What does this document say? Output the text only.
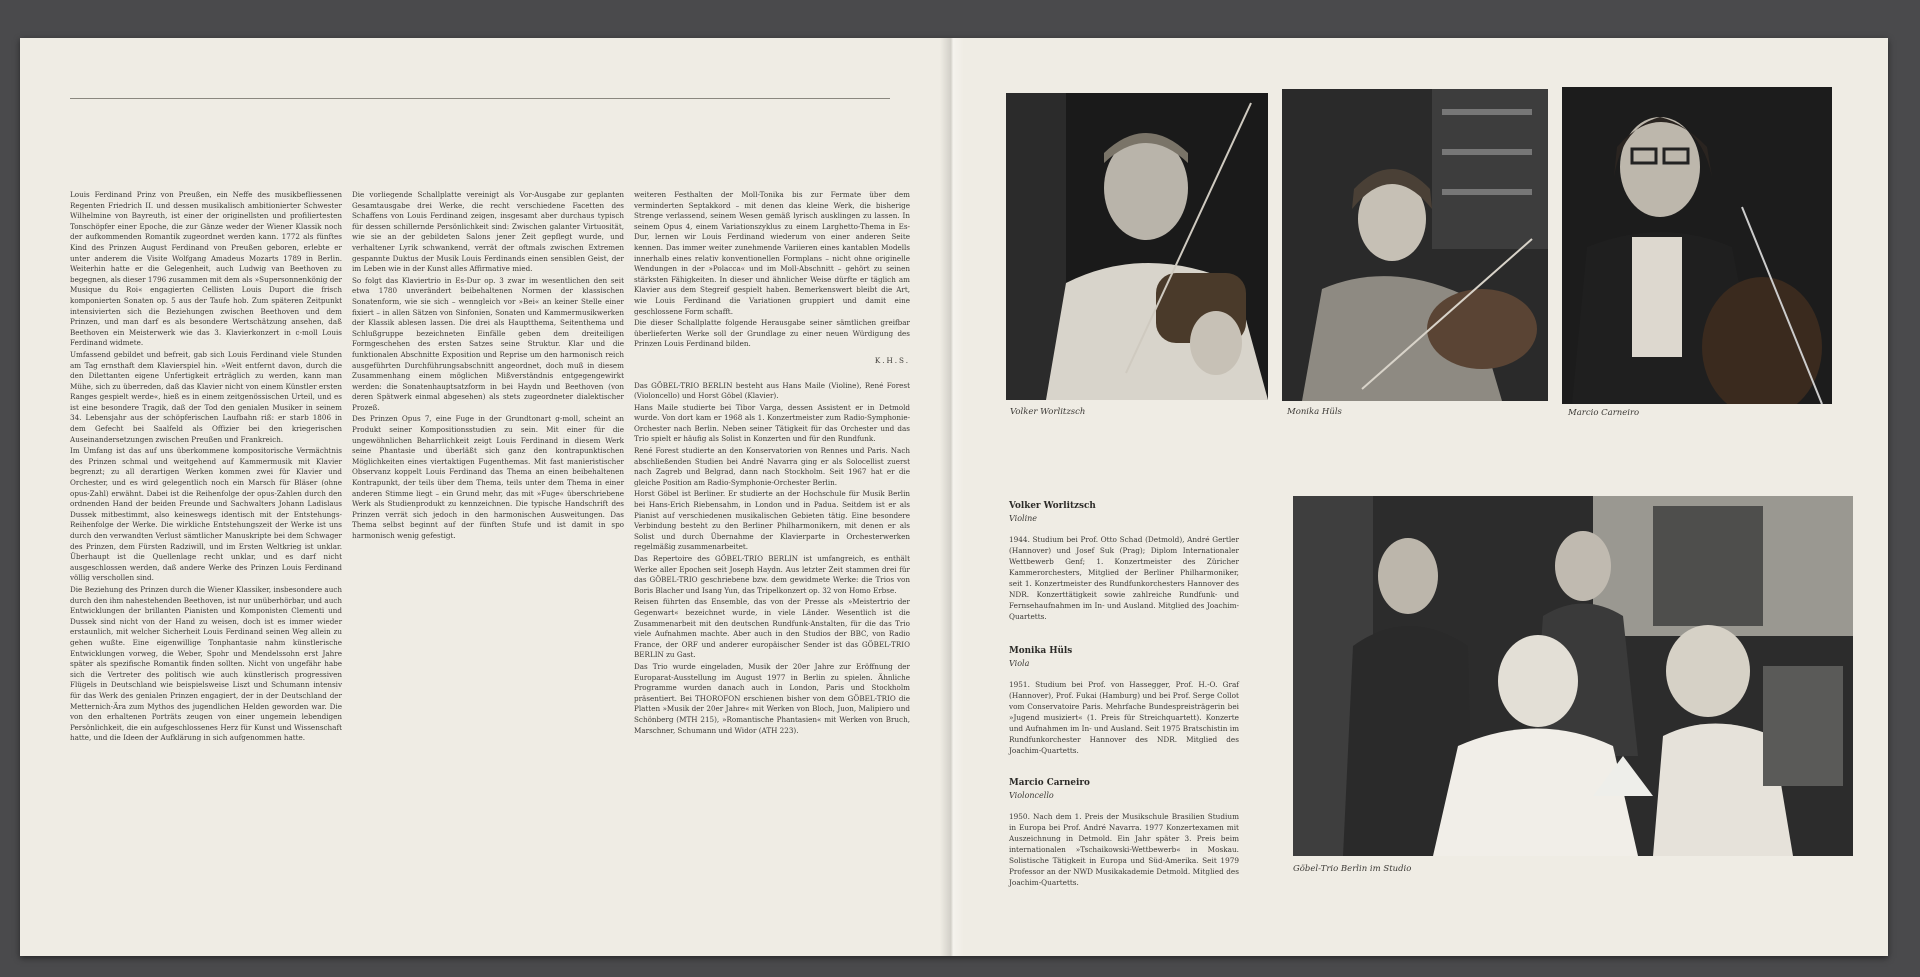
Louis Ferdinand Prinz von Preußen, ein Neffe des musikbefliessenen Regenten Friedrich II. und dessen musikalisch ambitionierter Schwester Wilhelmine von Bayreuth, ist einer der originellsten und profiliertesten Tonschöpfer einer Epoche, die zur Gänze weder der Wiener Klassik noch der aufkommenden Romantik zugeordnet werden kann. 1772 als fünftes Kind des Prinzen August Ferdinand von Preußen geboren, erlebte er unter anderem die Visite Wolfgang Amadeus Mozarts 1789 in Berlin. Weiterhin hatte er die Gelegenheit, auch Ludwig van Beethoven zu begegnen, als dieser 1796 zusammen mit dem als »Supersonnenkönig der Musique du Roi« engagierten Cellisten Louis Duport die frisch komponierten Sonaten op. 5 aus der Taufe hob. Zum späteren Zeitpunkt intensivierten sich die Beziehungen zwischen Beethoven und dem Prinzen, und man darf es als besondere Wertschätzung ansehen, daß Beethoven ein Meisterwerk wie das 3. Klavierkonzert in c-moll Louis Ferdinand widmete.

Umfassend gebildet und befreit, gab sich Louis Ferdinand viele Stunden am Tag ernsthaft dem Klavierspiel hin. »Weit entfernt davon, durch die den Dilettanten eigene Unfertigkeit erträglich zu werden, kann man Mühe, sich zu überreden, daß das Klavier nicht von einem Künstler ersten Ranges gespielt werde«, hieß es in einem zeitgenössischen Urteil, und es ist eine besondere Tragik, daß der Tod den genialen Musiker in seinem 34. Lebensjahr aus der schöpferischen Laufbahn riß: er starb 1806 in dem Gefecht bei Saalfeld als Offizier bei den kriegerischen Auseinandersetzungen zwischen Preußen und Frankreich.

Im Umfang ist das auf uns überkommene kompositorische Vermächtnis des Prinzen schmal und weitgehend auf Kammermusik mit Klavier begrenzt; zu all derartigen Werken kommen zwei für Klavier und Orchester, und es wird gelegentlich noch ein Marsch für Bläser (ohne opus-Zahl) erwähnt. Dabei ist die Reihenfolge der opus-Zahlen durch den ordnenden Hand der beiden Freunde und Sachwalters Johann Ladislaus Dussek mitbestimmt, also keineswegs identisch mit der Entstehungs-Reihenfolge der Werke. Die wirkliche Entstehungszeit der Werke ist uns durch den verwandten Verlust sämtlicher Manuskripte bei dem Schwager des Prinzen, dem Fürsten Radziwill, und im Ersten Weltkrieg ist unklar. Überhaupt ist die Quellenlage recht unklar, und es darf nicht ausgeschlossen werden, daß andere Werke des Prinzen Louis Ferdinand völlig verschollen sind.

Die Beziehung des Prinzen durch die Wiener Klassiker, insbesondere auch durch den ihm nahestehenden Beethoven, ist nur unüberhörbar, und auch Entwicklungen der brillanten Pianisten und Komponisten Clementi und Dussek sind nicht von der Hand zu weisen, doch ist es immer wieder erstaunlich, mit welcher Sicherheit Louis Ferdinand seinen Weg allein zu gehen wußte. Eine eigenwillige Tonphantasie nahm künstlerische Entwicklungen vorweg, die Weber, Spohr und Mendelssohn erst Jahre später als spezifische Romantik finden sollten. Nicht von ungefähr habe sich die Vertreter des politisch wie auch künstlerisch progressiven Flügels in Deutschland wie beispielsweise Liszt und Schumann intensiv für das Werk des genialen Prinzen engagiert, der in der Deutschland der Metternich-Ära zum Mythos des jugendlichen Helden geworden war. Die von den erhaltenen Porträts zeugen von einer ungemein lebendigen Persönlichkeit, die ein aufgeschlossenes Herz für Kunst und Wissenschaft hatte, und die Ideen der Aufklärung in sich aufgenommen hatte.

Die vorliegende Schallplatte vereinigt als Vor-Ausgabe zur geplanten Gesamtausgabe drei Werke, die recht verschiedene Facetten des Schaffens von Louis Ferdinand zeigen, insgesamt aber durchaus typisch für dessen schillernde Persönlichkeit sind: Zwischen galanter Virtuosität, wie sie an der gebildeten Salons jener Zeit gepflegt wurde, und verhaltener Lyrik schwankend, verrät der oftmals zwischen Extremen gespannte Duktus der Musik Louis Ferdinands einen sensiblen Geist, der im Leben wie in der Kunst alles Affirmative mied.

So folgt das Klaviertrio in Es-Dur op. 3 zwar im wesentlichen den seit etwa 1780 unverändert beibehaltenen Normen der klassischen Sonatenform, wie sie sich – wenngleich vor »Bei« an keiner Stelle einer fixiert – in allen Sätzen von Sinfonien, Sonaten und Kammermusikwerken der Klassik ablesen lassen. Die drei als Hauptthema, Seitenthema und Schlußgruppe bezeichneten Einfälle geben dem dreiteiligen Formgeschehen des ersten Satzes seine Struktur. Klar und die funktionalen Abschnitte Exposition und Reprise um den harmonisch reich ausgeführten Durchführungsabschnitt angeordnet, doch muß in diesem Zusammenhang einem möglichen Mißverständnis entgegengewirkt werden: die Sonatenhauptsatzform in bei Haydn und Beethoven (von deren Spätwerk einmal abgesehen) als stets zugeordneter dialektischer Prozeß.

Des Prinzen Opus 7, eine Fuge in der Grundtonart g-moll, scheint an Produkt seiner Kompositionsstudien zu sein. Mit einer für die ungewöhnlichen Beharrlichkeit zeigt Louis Ferdinand in diesem Werk seine Phantasie und überläßt sich ganz den kontrapunktischen Möglichkeiten eines viertaktigen Fugenthemas. Mit fast manieristischer Observanz koppelt Louis Ferdinand das Thema an einen beibehaltenen Kontrapunkt, der teils über dem Thema, teils unter dem Thema in einer anderen Stimme liegt – ein Grund mehr, das mit »Fuge« überschriebene Werk als Studienprodukt zu kennzeichnen. Die typische Handschrift des Prinzen verrät sich jedoch in den harmonischen Ausweitungen. Das Thema selbst beginnt auf der fünften Stufe und ist damit in spo harmonisch wenig gefestigt.

weiteren Festhalten der Moll-Tonika bis zur Fermate über dem verminderten Septakkord – mit denen das kleine Werk, die bisherige Strenge verlassend, seinem Wesen gemäß lyrisch ausklingen zu lassen. In seinem Opus 4, einem Variationszyklus zu einem Larghetto-Thema in Es-Dur, lernen wir Louis Ferdinand wiederum von einer anderen Seite kennen. Das immer weiter zunehmende Variieren eines kantablen Modells innerhalb eines relativ konventionellen Formplans – nicht ohne originelle Wendungen in der »Polacca« und im Moll-Abschnitt – gehört zu seinen stärksten Fähigkeiten. In dieser und ähnlicher Weise dürfte er täglich am Klavier aus dem Stegreif gespielt haben. Bemerkenswert bleibt die Art, wie Louis Ferdinand die Variationen gruppiert und damit eine geschlossene Form schafft.

Die dieser Schallplatte folgende Herausgabe seiner sämtlichen greifbar überlieferten Werke soll der Grundlage zu einer neuen Würdigung des Prinzen Louis Ferdinand bilden.

K.H.S.

Das GÖBEL-TRIO BERLIN besteht aus Hans Maile (Violine), René Forest (Violoncello) und Horst Göbel (Klavier).

Hans Maile studierte bei Tibor Varga, dessen Assistent er in Detmold wurde. Von dort kam er 1968 als 1. Konzertmeister zum Radio-Symphonie-Orchester nach Berlin. Neben seiner Tätigkeit für das Orchester und das Trio spielt er häufig als Solist in Konzerten und für den Rundfunk.

René Forest studierte an den Konservatorien von Rennes und Paris. Nach abschließenden Studien bei André Navarra ging er als Solocellist zuerst nach Zagreb und Belgrad, dann nach Stockholm. Seit 1967 hat er die gleiche Position am Radio-Symphonie-Orchester Berlin.

Horst Göbel ist Berliner. Er studierte an der Hochschule für Musik Berlin bei Hans-Erich Riebensahm, in London und in Padua. Seitdem ist er als Pianist auf verschiedenen musikalischen Gebieten tätig. Eine besondere Verbindung besteht zu den Berliner Philharmonikern, mit denen er als Solist und durch Übernahme der Klavierparte in Orchesterwerken regelmäßig zusammenarbeitet.

Das Repertoire des GÖBEL-TRIO BERLIN ist umfangreich, es enthält Werke aller Epochen seit Joseph Haydn. Aus letzter Zeit stammen drei für das GÖBEL-TRIO geschriebene bzw. dem gewidmete Werke: die Trios von Boris Blacher und Isang Yun, das Tripelkonzert op. 32 von Homo Erbse.

Reisen führten das Ensemble, das von der Presse als »Meistertrio der Gegenwart« bezeichnet wurde, in viele Länder. Wesentlich ist die Zusammenarbeit mit den deutschen Rundfunk-Anstalten, für die das Trio viele Aufnahmen machte. Aber auch in den Studios der BBC, von Radio France, der ORF und anderer europäischer Sender ist das GÖBEL-TRIO BERLIN zu Gast.

Das Trio wurde eingeladen, Musik der 20er Jahre zur Eröffnung der Europarat-Ausstellung im August 1977 in Berlin zu spielen. Ähnliche Programme wurden danach auch in London, Paris und Stockholm präsentiert. Bei THOROFON erschienen bisher von dem GÖBEL-TRIO die Platten »Musik der 20er Jahre« mit Werken von Bloch, Juon, Malipiero und Schönberg (MTH 215), »Romantische Phantasien« mit Werken von Bruch, Marschner, Schumann und Widor (ATH 223).

Volker Worlitzsch	Monika Hüls	Marcio Carneiro
Volker Worlitzsch
Violine

1944. Studium bei Prof. Otto Schad (Detmold), André Gertler (Hannover) und Josef Suk (Prag); Diplom Internationaler Wettbewerb Genf; 1. Konzertmeister des Züricher Kammerorchesters, Mitglied der Berliner Philharmoniker, seit 1. Konzertmeister des Rundfunkorchesters Hannover des NDR. Konzerttätigkeit sowie zahlreiche Rundfunk- und Fernsehaufnahmen im In- und Ausland. Mitglied des Joachim-Quartetts.

Monika Hüls
Viola

1951. Studium bei Prof. von Hassegger, Prof. H.-O. Graf (Hannover), Prof. Fukai (Hamburg) und bei Prof. Serge Collot vom Conservatoire Paris. Mehrfache Bundespreisträgerin bei »Jugend musiziert« (1. Preis für Streichquartett). Konzerte und Aufnahmen im In- und Ausland. Seit 1975 Bratschistin im Rundfunkorchester Hannover des NDR. Mitglied des Joachim-Quartetts.

Marcio Carneiro
Violoncello

1950. Nach dem 1. Preis der Musikschule Brasilien Studium in Europa bei Prof. André Navarra. 1977 Konzertexamen mit Auszeichnung in Detmold. Ein Jahr später 3. Preis beim internationalen »Tschaikowski-Wettbewerb« in Moskau. Solistische Tätigkeit in Europa und Süd-Amerika. Seit 1979 Professor an der NWD Musikakademie Detmold. Mitglied des Joachim-Quartetts.

Göbel-Trio Berlin im Studio
